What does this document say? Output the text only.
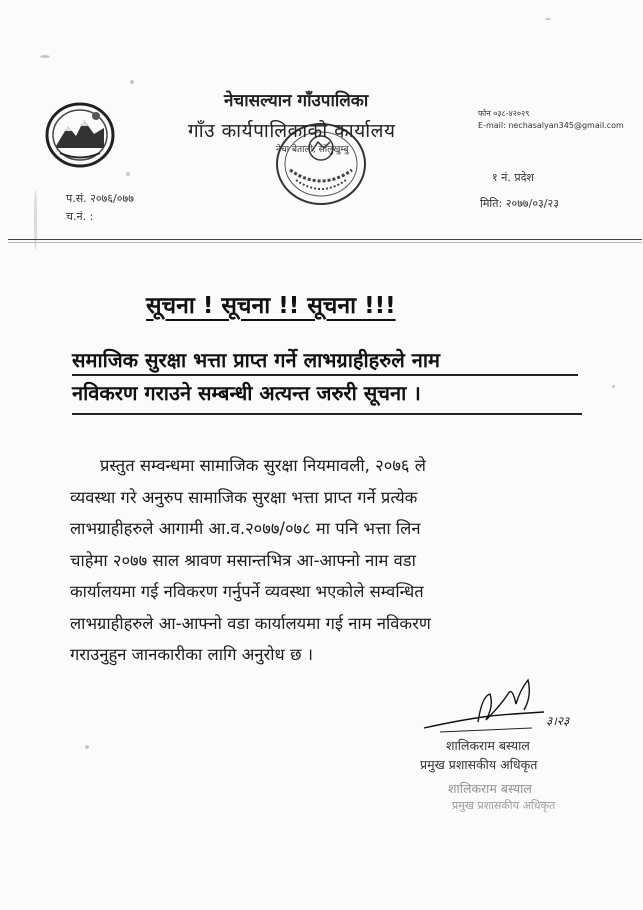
नेचासल्यान गाँउपालिका
गाँउ कार्यपालिकाको कार्यालय
नेचा बेताली, सोलुखुम्बु
फोन ०३८-४२०२९
E-mail: nechasalyan345@gmail.com
१ नं. प्रदेश
मिति: २०७७/०३/२३
प.सं. २०७६/०७७
च.नं. :
सूचना ! सूचना !! सूचना !!!
समाजिक सुरक्षा भत्ता प्राप्त गर्ने लाभग्राहीहरुले नाम
नविकरण गराउने सम्बन्धी अत्यन्त जरुरी सूचना ।
प्रस्तुत सम्वन्धमा सामाजिक सुरक्षा नियमावली, २०७६ ले
व्यवस्था गरे अनुरुप सामाजिक सुरक्षा भत्ता प्राप्त गर्ने प्रत्येक
लाभग्राहीहरुले आगामी आ.व.२०७७/०७८ मा पनि भत्ता लिन
चाहेमा २०७७ साल श्रावण मसान्तभित्र आ-आफ्नो नाम वडा
कार्यालयमा गई नविकरण गर्नुपर्ने व्यवस्था भएकोले सम्वन्धित
लाभग्राहीहरुले आ-आफ्नो वडा कार्यालयमा गई नाम नविकरण
गराउनुहुन जानकारीका लागि अनुरोध छ ।
३।२३
शालिकराम बस्याल
प्रमुख प्रशासकीय अधिकृत
शालिकराम बस्याल
प्रमुख प्रशासकीय अधिकृत
